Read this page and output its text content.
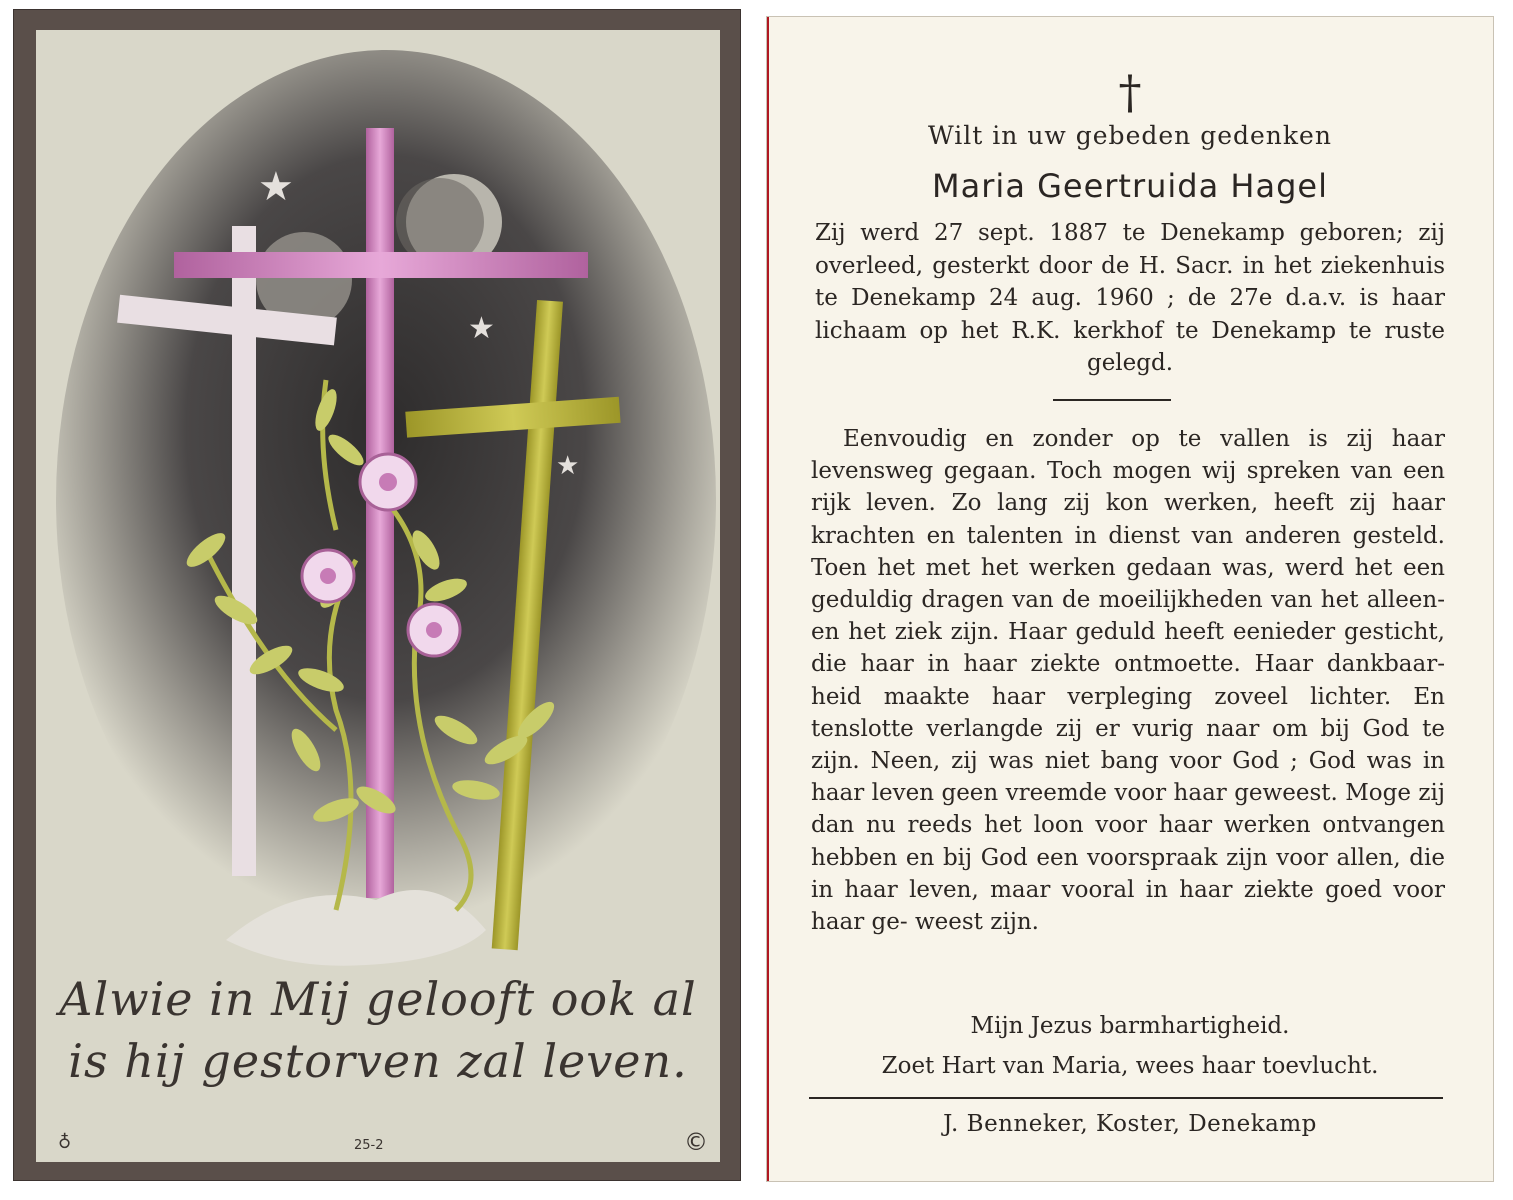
★
★
★
Alwie in Mij gelooft ook al
is hij gestorven zal leven.
♁	25-2	©
†
Wilt in uw gebeden gedenken
Maria Geertruida Hagel
Zij werd 27 sept. 1887 te Denekamp geboren; zij overleed, gesterkt door de H. Sacr. in het ziekenhuis te Denekamp 24 aug. 1960 ; de 27e d.a.v. is haar lichaam op het R.K. kerkhof te Denekamp te ruste gelegd.
Eenvoudig en zonder op te vallen is zij haar levensweg gegaan. Toch mogen wij spreken van een rijk leven. Zo lang zij kon werken, heeft zij haar krachten en talenten in dienst van anderen gesteld. Toen het met het werken gedaan was, werd het een geduldig dragen van de moeilijkheden van het alleen- en het ziek zijn. Haar geduld heeft eenieder gesticht, die haar in haar ziekte ontmoette. Haar dankbaar- heid maakte haar verpleging zoveel lichter. En tenslotte verlangde zij er vurig naar om bij God te zijn. Neen, zij was niet bang voor God ; God was in haar leven geen vreemde voor haar geweest. Moge zij dan nu reeds het loon voor haar werken ontvangen hebben en bij God een voorspraak zijn voor allen, die in haar leven, maar vooral in haar ziekte goed voor haar ge- weest zijn.
Mijn Jezus barmhartigheid.
Zoet Hart van Maria, wees haar toevlucht.
J. Benneker, Koster, Denekamp
